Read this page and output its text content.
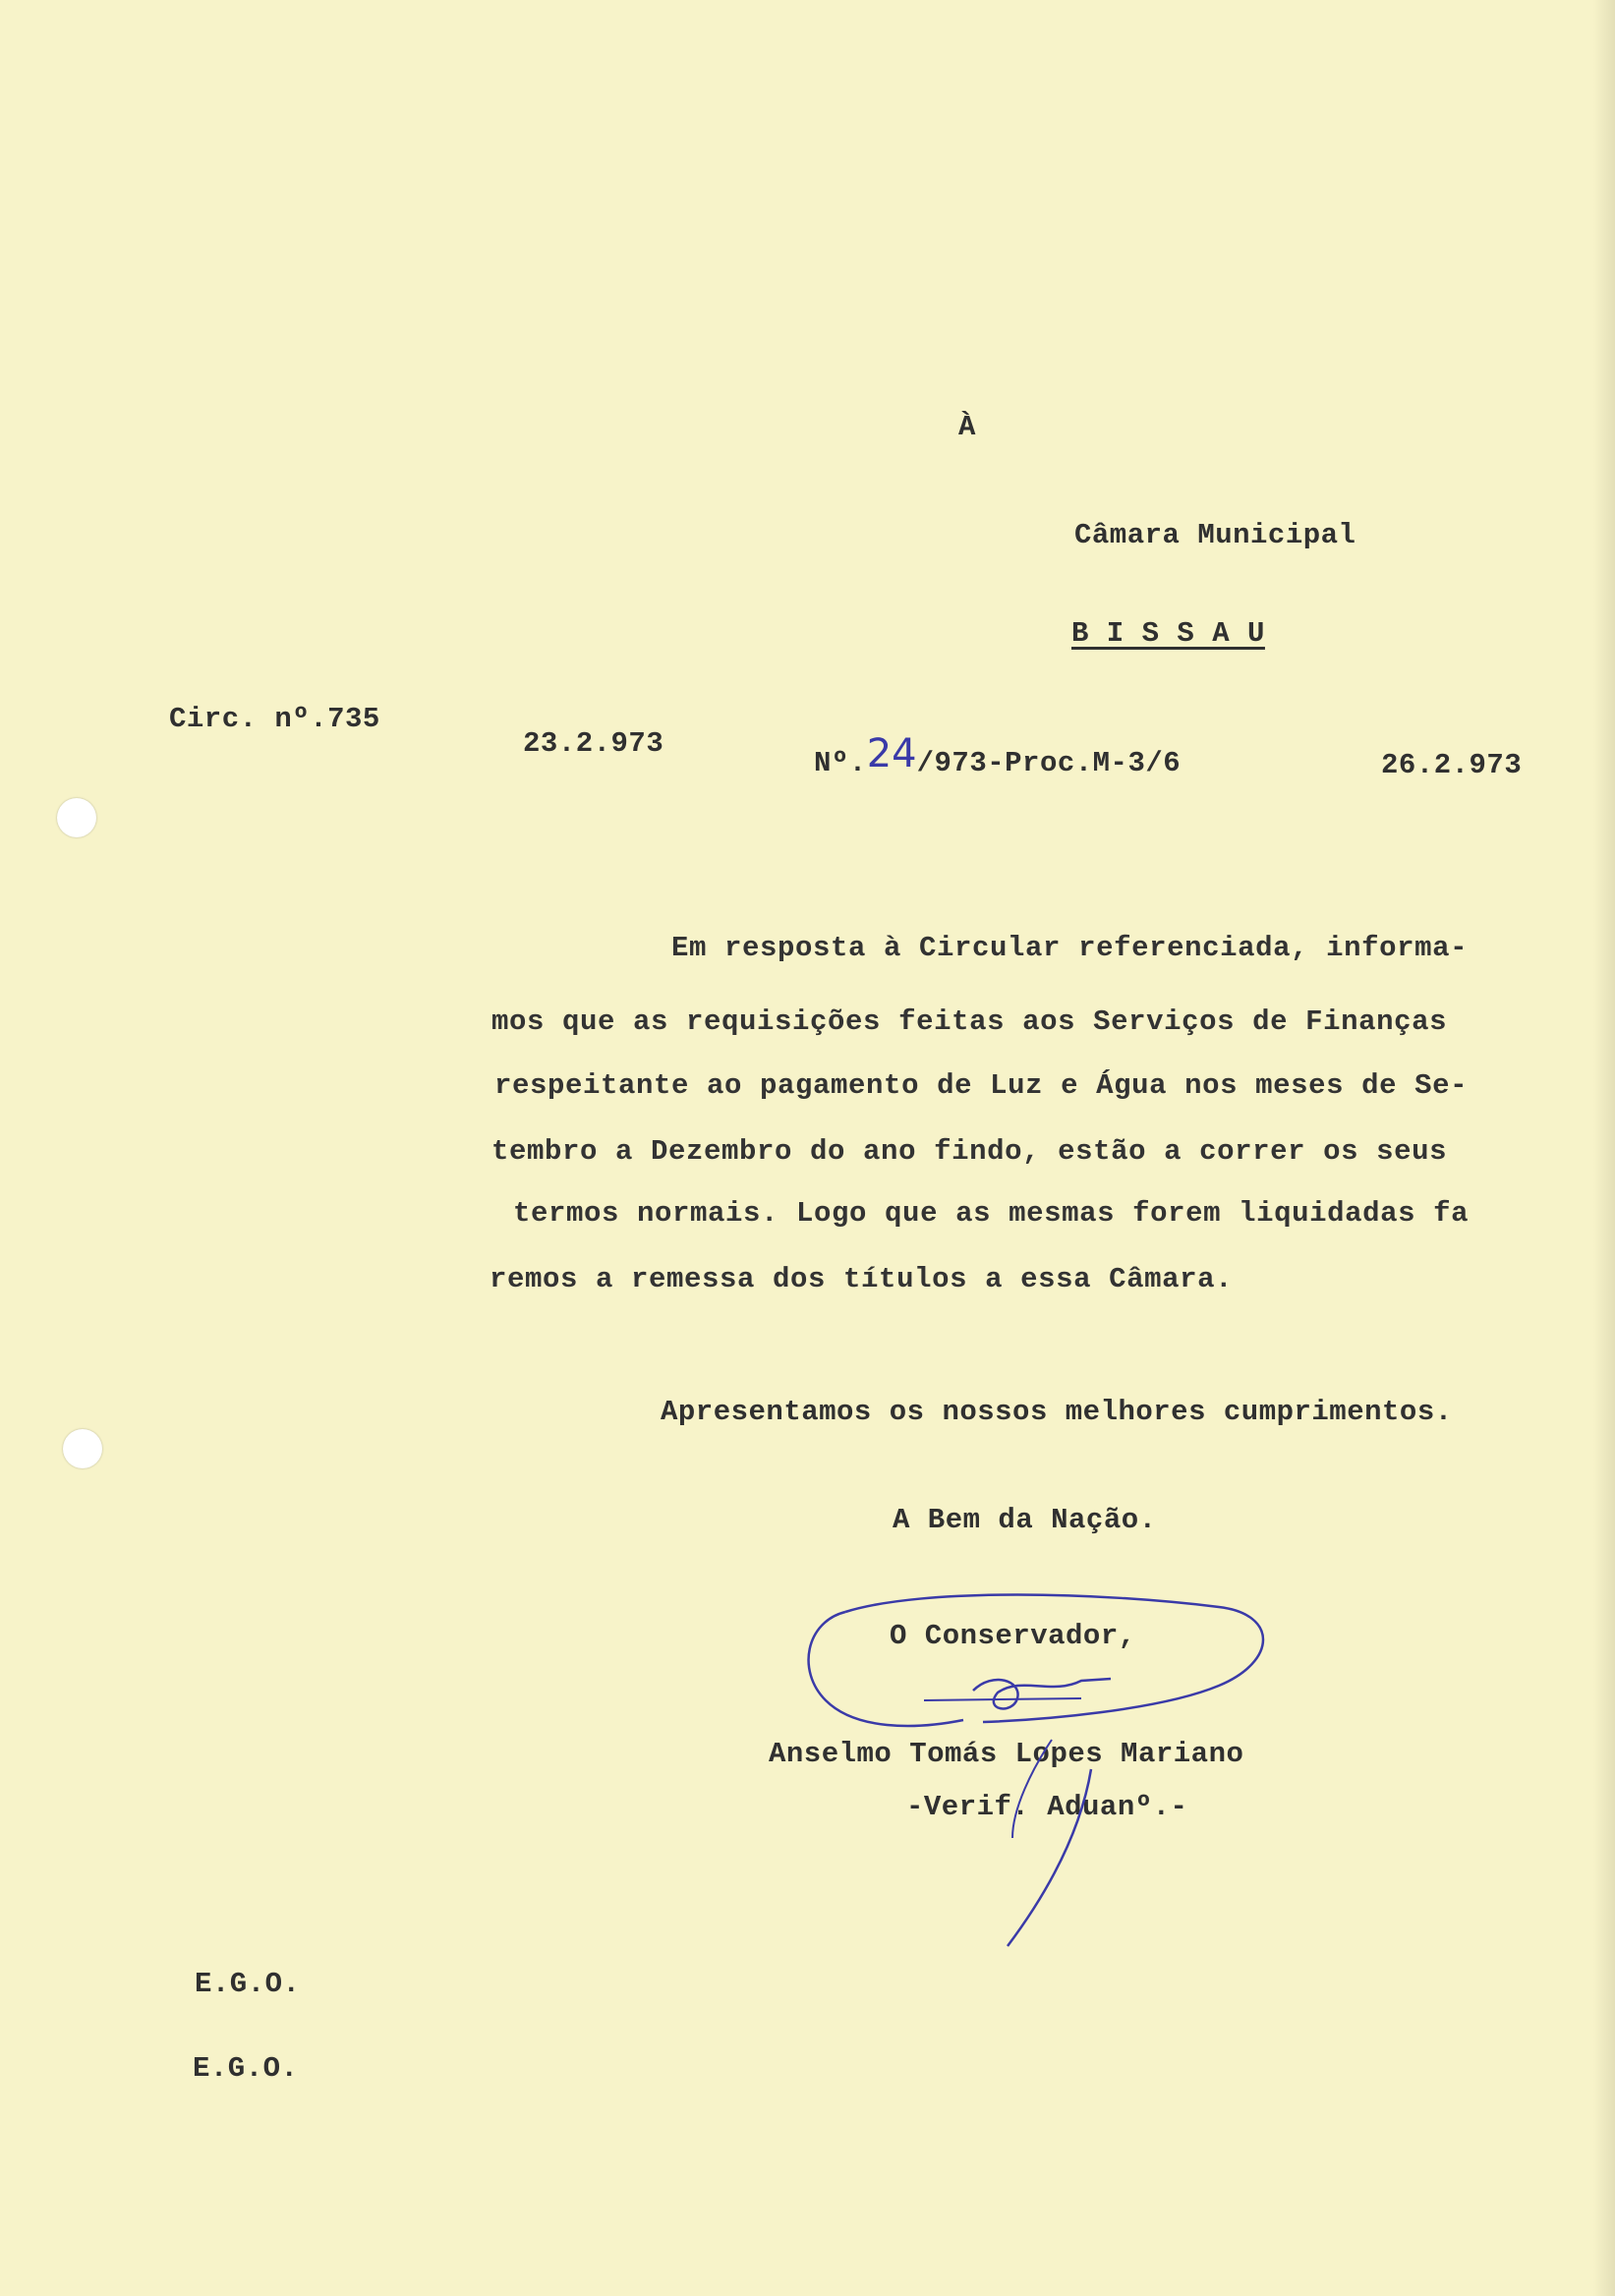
À
Câmara Municipal
B I S S A U
Circ. nº.735
23.2.973
Nº.24/973-Proc.M-3/6	26.2.973
Em resposta à Circular referenciada, informa-
mos que as requisições feitas aos Serviços de Finanças
respeitante ao pagamento de Luz e Água nos meses de Se-
tembro a Dezembro do ano findo, estão a correr os seus
termos normais. Logo que as mesmas forem liquidadas fa
remos a remessa dos títulos a essa Câmara.
Apresentamos os nossos melhores cumprimentos.
A Bem da Nação.
O Conservador,
Anselmo Tomás Lopes Mariano
-Verif. Aduanº.-
E.G.O.
E.G.O.
